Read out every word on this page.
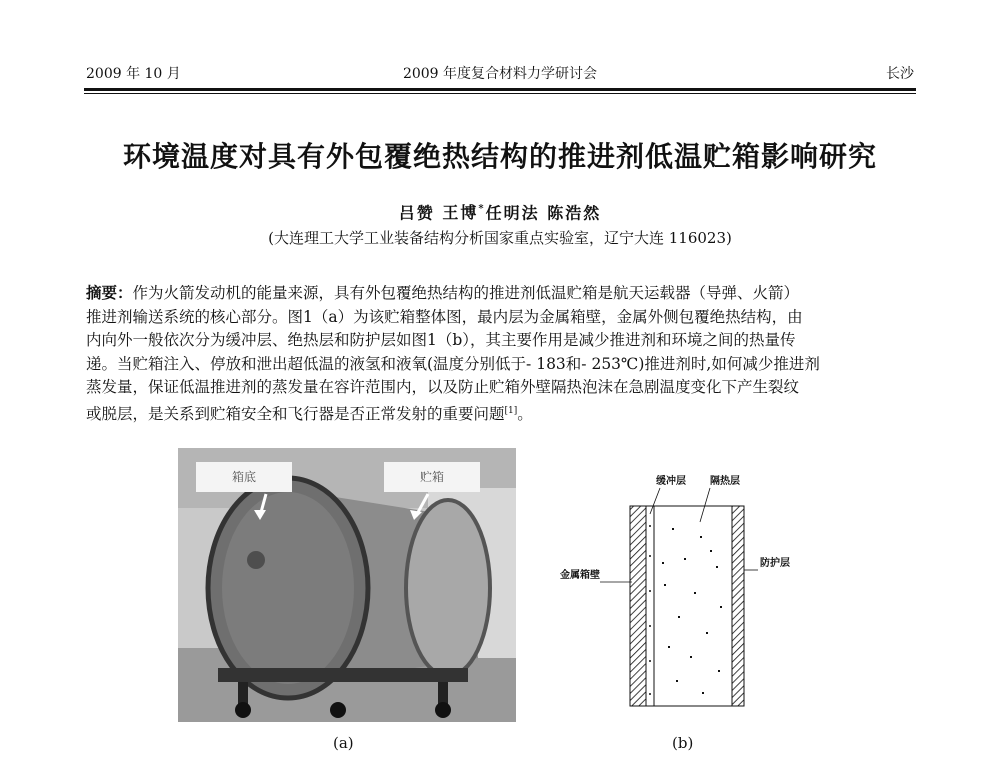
2009 年 10 月	2009 年度复合材料力学研讨会	长沙
环境温度对具有外包覆绝热结构的推进剂低温贮箱影响研究
吕赞 王博*任明法 陈浩然
(大连理工大学工业装备结构分析国家重点实验室，辽宁大连 116023)
摘要：作为火箭发动机的能量来源，具有外包覆绝热结构的推进剂低温贮箱是航天运载器（导弹、火箭）
推进剂输送系统的核心部分。图1（a）为该贮箱整体图，最内层为金属箱壁，金属外侧包覆绝热结构，由
内向外一般依次分为缓冲层、绝热层和防护层如图1（b），其主要作用是减少推进剂和环境之间的热量传
递。当贮箱注入、停放和泄出超低温的液氢和液氧(温度分别低于- 183和- 253℃)推进剂时,如何减少推进剂
蒸发量，保证低温推进剂的蒸发量在容许范围内，以及防止贮箱外壁隔热泡沫在急剧温度变化下产生裂纹
或脱层，是关系到贮箱安全和飞行器是否正常发射的重要问题[1]。
箱底	贮箱
(a)
缓冲层 隔热层
金属箱壁
防护层
(b)
